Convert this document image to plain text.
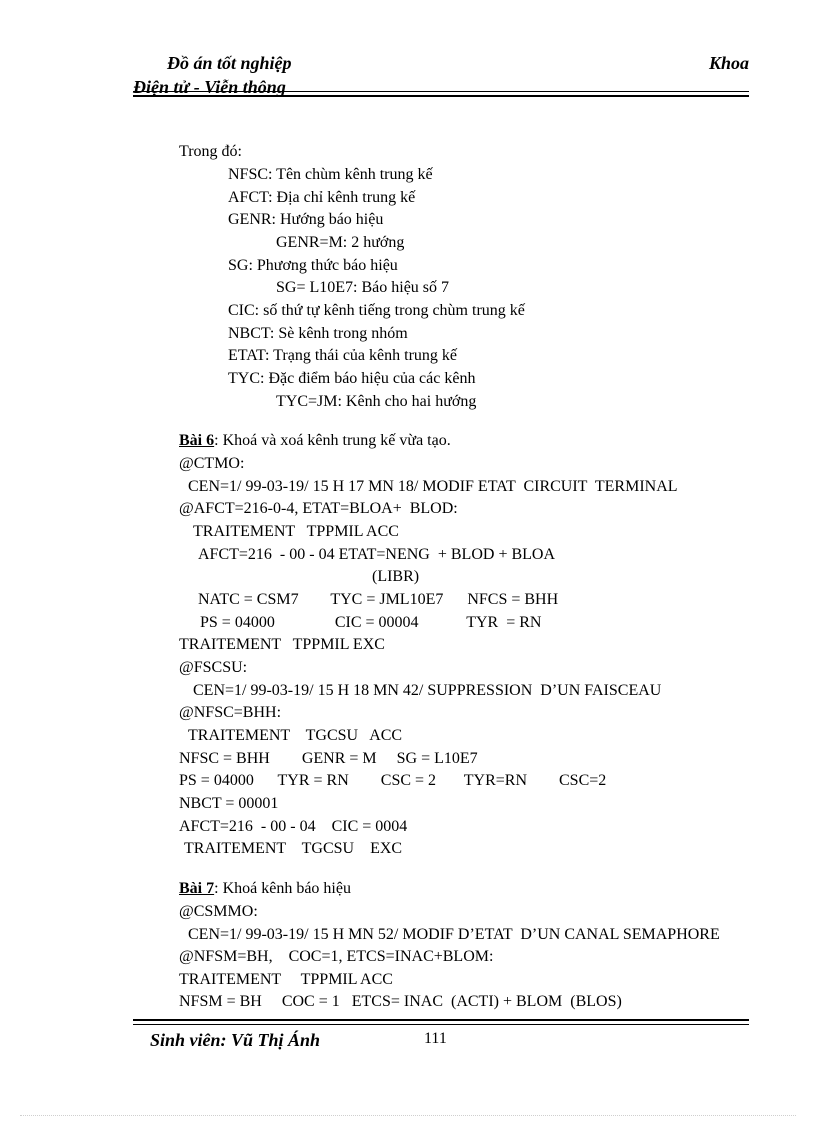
Đồ án tốt nghiệp	Khoa
Điện tử - Viễn thông
Trong đó:
NFSC: Tên chùm kênh trung kế
AFCT: Địa chỉ kênh trung kế
GENR: Hướng báo hiệu
GENR=M: 2 hướng
SG: Phương thức báo hiệu
SG= L10E7: Báo hiệu số 7
CIC: số thứ tự kênh tiếng trong chùm trung kế
NBCT: Sè kênh trong nhóm
ETAT: Trạng thái của kênh trung kế
TYC: Đặc điểm báo hiệu của các kênh
TYC=JM: Kênh cho hai hướng
Bài 6: Khoá và xoá kênh trung kế vừa tạo.
@CTMO:
CEN=1/ 99-03-19/ 15 H 17 MN 18/ MODIF ETAT  CIRCUIT  TERMINAL
@AFCT=216-0-4, ETAT=BLOA+  BLOD:
TRAITEMENT   TPPMIL ACC
AFCT=216  - 00 - 04 ETAT=NENG  + BLOD + BLOA
(LIBR)
NATC = CSM7        TYC = JML10E7      NFCS = BHH
PS = 04000               CIC = 00004            TYR  = RN
TRAITEMENT   TPPMIL EXC
@FSCSU:
CEN=1/ 99-03-19/ 15 H 18 MN 42/ SUPPRESSION  D’UN FAISCEAU
@NFSC=BHH:
TRAITEMENT    TGCSU   ACC
NFSC = BHH        GENR = M     SG = L10E7
PS = 04000      TYR = RN        CSC = 2       TYR=RN        CSC=2
NBCT = 00001
AFCT=216  - 00 - 04    CIC = 0004
TRAITEMENT    TGCSU    EXC
Bài 7: Khoá kênh báo hiệu
@CSMMO:
CEN=1/ 99-03-19/ 15 H MN 52/ MODIF D’ETAT  D’UN CANAL SEMAPHORE
@NFSM=BH,    COC=1, ETCS=INAC+BLOM:
TRAITEMENT     TPPMIL ACC
NFSM = BH     COC = 1   ETCS= INAC  (ACTI) + BLOM  (BLOS)
Sinh viên: Vũ Thị Ánh	111
